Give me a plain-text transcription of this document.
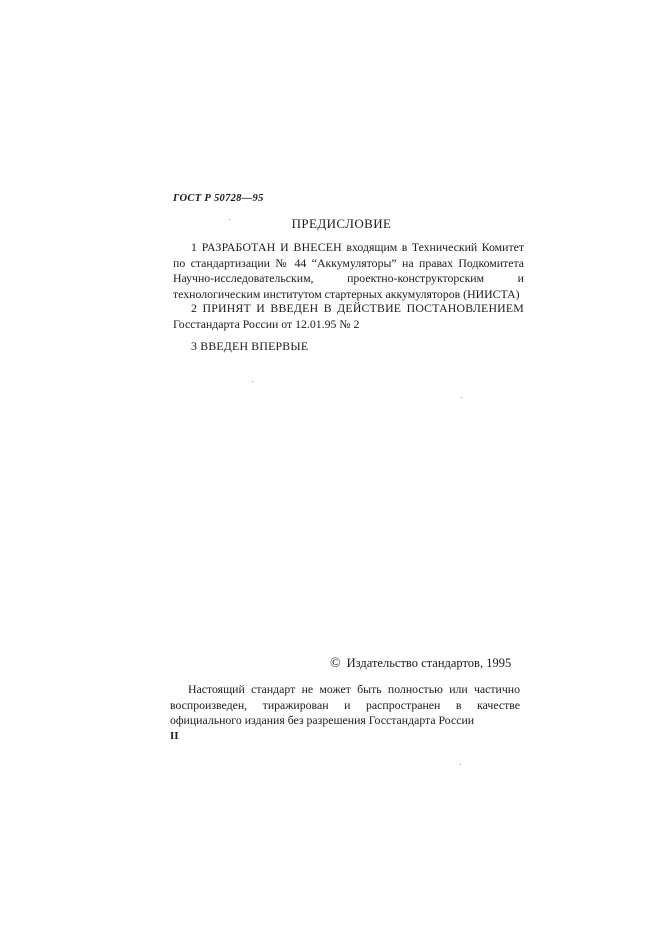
ГОСТ Р 50728—95
ПРЕДИСЛОВИЕ

1 РАЗРАБОТАН И ВНЕСЕН входящим в Технический Комитет по стандартизации № 44 “Аккумуляторы” на правах Подкомитета Научно-исследовательским, проектно-конструкторским и технологическим институтом стартерных аккумуляторов (НИИСТА)

2 ПРИНЯТ И ВВЕДЕН В ДЕЙСТВИЕ ПОСТАНОВЛЕНИЕМ Госстандарта России от 12.01.95 № 2

3 ВВЕДЕН ВПЕРВЫЕ

© Издательство стандартов, 1995

Настоящий стандарт не может быть полностью или частично воспроизведен, тиражирован и распространен в качестве официального издания без разрешения Госстандарта России

II
